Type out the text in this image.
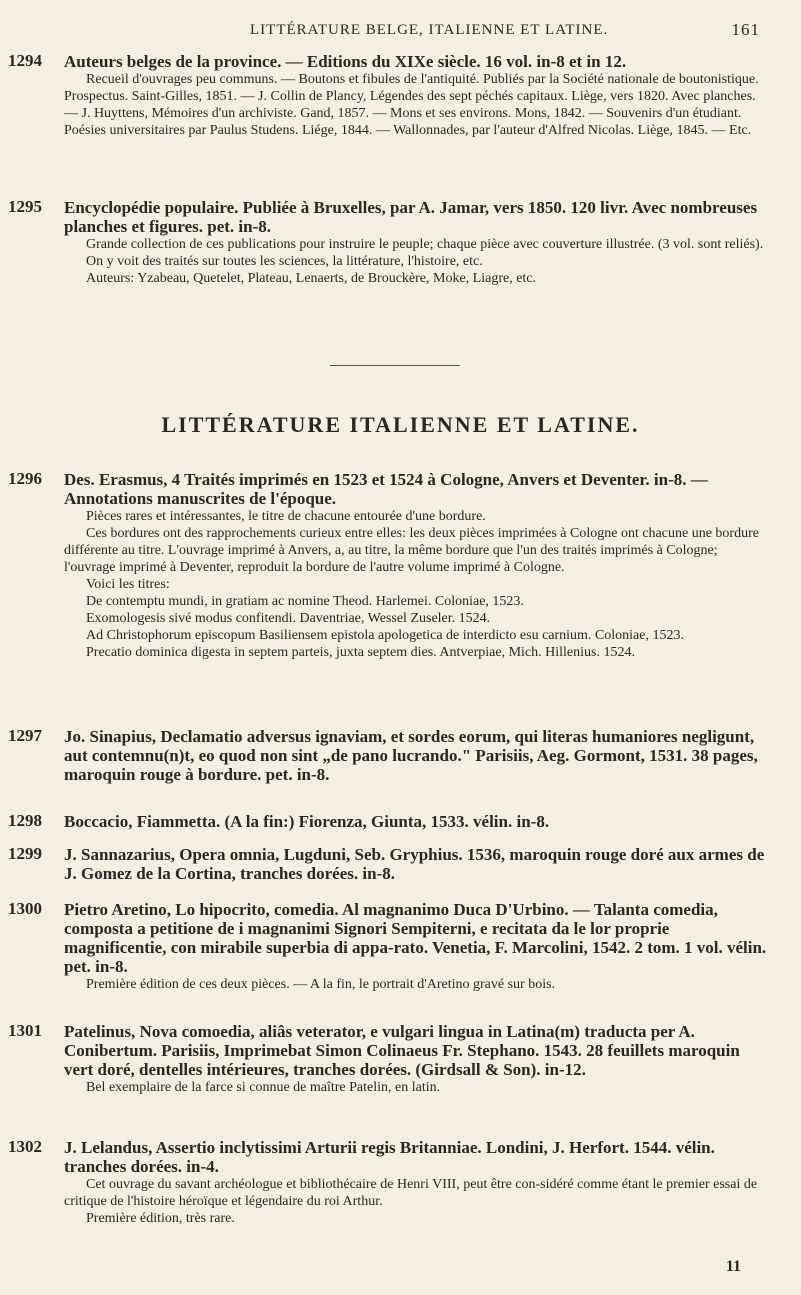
LITTÉRATURE BELGE, ITALIENNE ET LATINE.	161
1294 Auteurs belges de la province. — Editions du XIXe siècle. 16 vol. in-8 et in 12.

Recueil d'ouvrages peu communs. — Boutons et fibules de l'antiquité. Publiés par la Société nationale de boutonistique. Prospectus. Saint-Gilles, 1851. — J. Collin de Plancy, Légendes des sept péchés capitaux. Liège, vers 1820. Avec planches. — J. Huyttens, Mémoires d'un archiviste. Gand, 1857. — Mons et ses environs. Mons, 1842. — Souvenirs d'un étudiant. Poésies universitaires par Paulus Studens. Liége, 1844. — Wallonnades, par l'auteur d'Alfred Nicolas. Liège, 1845. — Etc.

1295 Encyclopédie populaire. Publiée à Bruxelles, par A. Jamar, vers 1850. 120 livr. Avec nombreuses planches et figures. pet. in-8.

Grande collection de ces publications pour instruire le peuple; chaque pièce avec couverture illustrée. (3 vol. sont reliés).

On y voit des traités sur toutes les sciences, la littérature, l'histoire, etc.

Auteurs: Yzabeau, Quetelet, Plateau, Lenaerts, de Brouckère, Moke, Liagre, etc.

LITTÉRATURE ITALIENNE ET LATINE.
1296 Des. Erasmus, 4 Traités imprimés en 1523 et 1524 à Cologne, Anvers et Deventer. in-8. — Annotations manuscrites de l'époque.

Pièces rares et intéressantes, le titre de chacune entourée d'une bordure.

Ces bordures ont des rapprochements curieux entre elles: les deux pièces imprimées à Cologne ont chacune une bordure différente au titre. L'ouvrage imprimé à Anvers, a, au titre, la même bordure que l'un des traités imprimés à Cologne; l'ouvrage imprimé à Deventer, reproduit la bordure de l'autre volume imprimé à Cologne.

Voici les titres:

De contemptu mundi, in gratiam ac nomine Theod. Harlemei. Coloniae, 1523.

Exomologesis sivé modus confitendi. Daventriae, Wessel Zuseler. 1524.

Ad Christophorum episcopum Basiliensem epistola apologetica de interdicto esu carnium. Coloniae, 1523.

Precatio dominica digesta in septem parteis, juxta septem dies. Antverpiae, Mich. Hillenius. 1524.

1297 Jo. Sinapius, Declamatio adversus ignaviam, et sordes eorum, qui literas humaniores negligunt, aut contemnu(n)t, eo quod non sint „de pano lucrando." Parisiis, Aeg. Gormont, 1531. 38 pages, maroquin rouge à bordure. pet. in-8.

1298 Boccacio, Fiammetta. (A la fin:) Fiorenza, Giunta, 1533. vélin. in-8.

1299 J. Sannazarius, Opera omnia, Lugduni, Seb. Gryphius. 1536, maroquin rouge doré aux armes de J. Gomez de la Cortina, tranches dorées. in-8.

1300 Pietro Aretino, Lo hipocrito, comedia. Al magnanimo Duca D'Urbino. — Talanta comedia, composta a petitione de i magnanimi Signori Sempiterni, e recitata da le lor proprie magnificentie, con mirabile superbia di appa-rato. Venetia, F. Marcolini, 1542. 2 tom. 1 vol. vélin. pet. in-8.

Première édition de ces deux pièces. — A la fin, le portrait d'Aretino gravé sur bois.

1301 Patelinus, Nova comoedia, aliâs veterator, e vulgari lingua in Latina(m) traducta per A. Conibertum. Parisiis, Imprimebat Simon Colinaeus Fr. Stephano. 1543. 28 feuillets maroquin vert doré, dentelles intérieures, tranches dorées. (Girdsall & Son). in-12.

Bel exemplaire de la farce si connue de maître Patelin, en latin.

1302 J. Lelandus, Assertio inclytissimi Arturii regis Britanniae. Londini, J. Herfort. 1544. vélin. tranches dorées. in-4.

Cet ouvrage du savant archéologue et bibliothécaire de Henri VIII, peut être con-sidéré comme étant le premier essai de critique de l'histoire héroïque et légendaire du roi Arthur.

Première édition, très rare.

11
